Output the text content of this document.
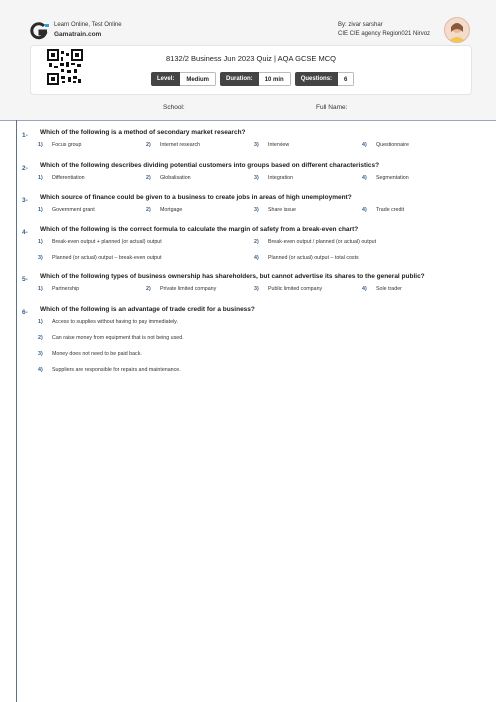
Learn Online, Test Online
Gamatrain.com
By: zivar sarshar
CIE CIE agency Region021 Nirvoz
8132/2 Business Jun 2023 Quiz | AQA GCSE MCQ
Level:	Medium	Duration:	10 min	Questions:	6
School:	Full Name:
1- Which of the following is a method of secondary market research?
1) Focus group	2) Internet research	3) Interview	4) Questionnaire
2- Which of the following describes dividing potential customers into groups based on different characteristics?
1) Differentiation	2) Globalisation	3) Integration	4) Segmentation
3- Which source of finance could be given to a business to create jobs in areas of high unemployment?
1) Government grant	2) Mortgage	3) Share issue	4) Trade credit
4- Which of the following is the correct formula to calculate the margin of safety from a break-even chart?
1) Break-even output + planned (or actual) output	2) Break-even output / planned (or actual) output
3) Planned (or actual) output – break-even output	4) Planned (or actual) output – total costs
5- Which of the following types of business ownership has shareholders, but cannot advertise its shares to the general public?
1) Partnership	2) Private limited company	3) Public limited company	4) Sole trader
6- Which of the following is an advantage of trade credit for a business?
1) Access to supplies without having to pay immediately.
2) Can raise money from equipment that is not being used.
3) Money does not need to be paid back.
4) Suppliers are responsible for repairs and maintenance.
